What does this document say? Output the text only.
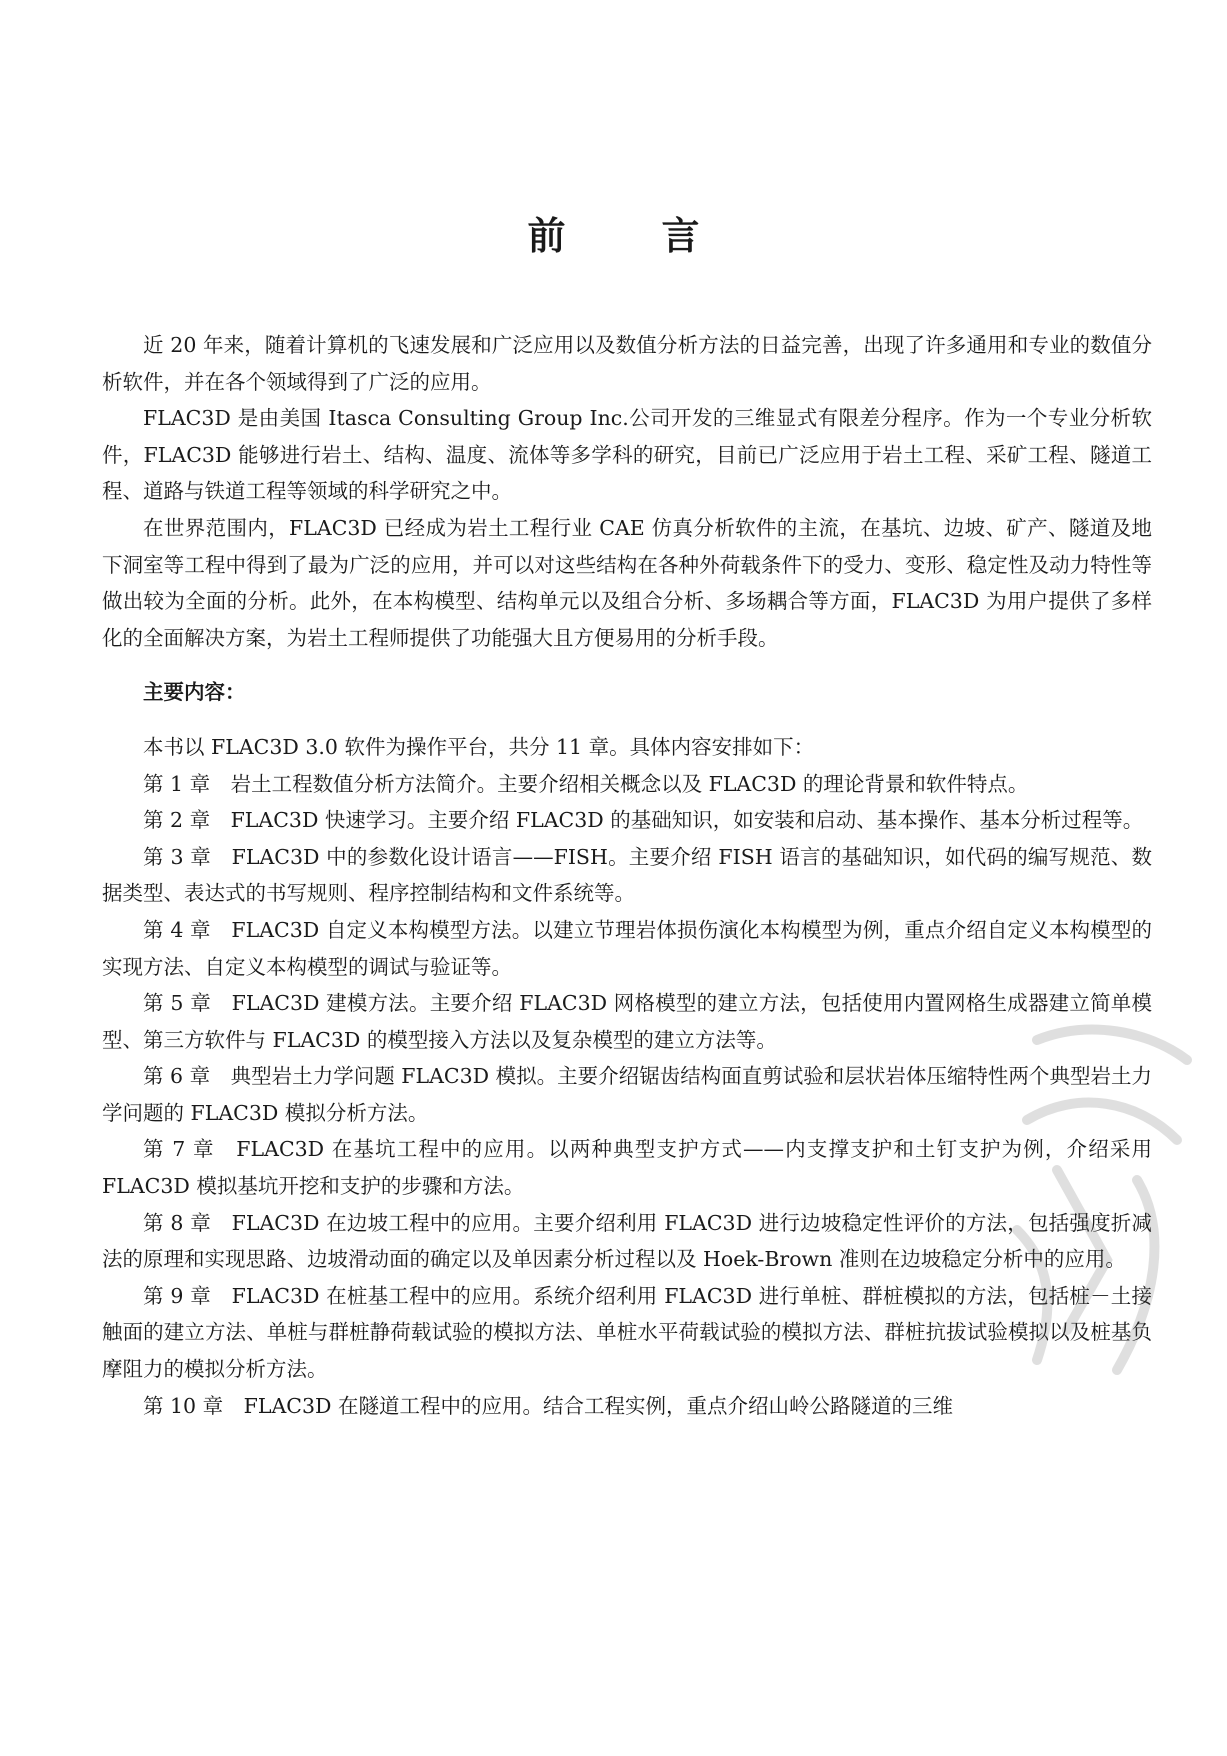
前	言

近 20 年来，随着计算机的飞速发展和广泛应用以及数值分析方法的日益完善，出现了许多通用和专业的数值分析软件，并在各个领域得到了广泛的应用。

FLAC3D 是由美国 Itasca Consulting Group Inc.公司开发的三维显式有限差分程序。作为一个专业分析软件，FLAC3D 能够进行岩土、结构、温度、流体等多学科的研究，目前已广泛应用于岩土工程、采矿工程、隧道工程、道路与铁道工程等领域的科学研究之中。

在世界范围内，FLAC3D 已经成为岩土工程行业 CAE 仿真分析软件的主流，在基坑、边坡、矿产、隧道及地下洞室等工程中得到了最为广泛的应用，并可以对这些结构在各种外荷载条件下的受力、变形、稳定性及动力特性等做出较为全面的分析。此外，在本构模型、结构单元以及组合分析、多场耦合等方面，FLAC3D 为用户提供了多样化的全面解决方案，为岩土工程师提供了功能强大且方便易用的分析手段。

主要内容：

本书以 FLAC3D 3.0 软件为操作平台，共分 11 章。具体内容安排如下：

第 1 章　岩土工程数值分析方法简介。主要介绍相关概念以及 FLAC3D 的理论背景和软件特点。

第 2 章　FLAC3D 快速学习。主要介绍 FLAC3D 的基础知识，如安装和启动、基本操作、基本分析过程等。

第 3 章　FLAC3D 中的参数化设计语言——FISH。主要介绍 FISH 语言的基础知识，如代码的编写规范、数据类型、表达式的书写规则、程序控制结构和文件系统等。

第 4 章　FLAC3D 自定义本构模型方法。以建立节理岩体损伤演化本构模型为例，重点介绍自定义本构模型的实现方法、自定义本构模型的调试与验证等。

第 5 章　FLAC3D 建模方法。主要介绍 FLAC3D 网格模型的建立方法，包括使用内置网格生成器建立简单模型、第三方软件与 FLAC3D 的模型接入方法以及复杂模型的建立方法等。

第 6 章　典型岩土力学问题 FLAC3D 模拟。主要介绍锯齿结构面直剪试验和层状岩体压缩特性两个典型岩土力学问题的 FLAC3D 模拟分析方法。

第 7 章　FLAC3D 在基坑工程中的应用。以两种典型支护方式——内支撑支护和土钉支护为例，介绍采用 FLAC3D 模拟基坑开挖和支护的步骤和方法。

第 8 章　FLAC3D 在边坡工程中的应用。主要介绍利用 FLAC3D 进行边坡稳定性评价的方法，包括强度折减法的原理和实现思路、边坡滑动面的确定以及单因素分析过程以及 Hoek-Brown 准则在边坡稳定分析中的应用。

第 9 章　FLAC3D 在桩基工程中的应用。系统介绍利用 FLAC3D 进行单桩、群桩模拟的方法，包括桩－土接触面的建立方法、单桩与群桩静荷载试验的模拟方法、单桩水平荷载试验的模拟方法、群桩抗拔试验模拟以及桩基负摩阻力的模拟分析方法。

第 10 章　FLAC3D 在隧道工程中的应用。结合工程实例，重点介绍山岭公路隧道的三维
